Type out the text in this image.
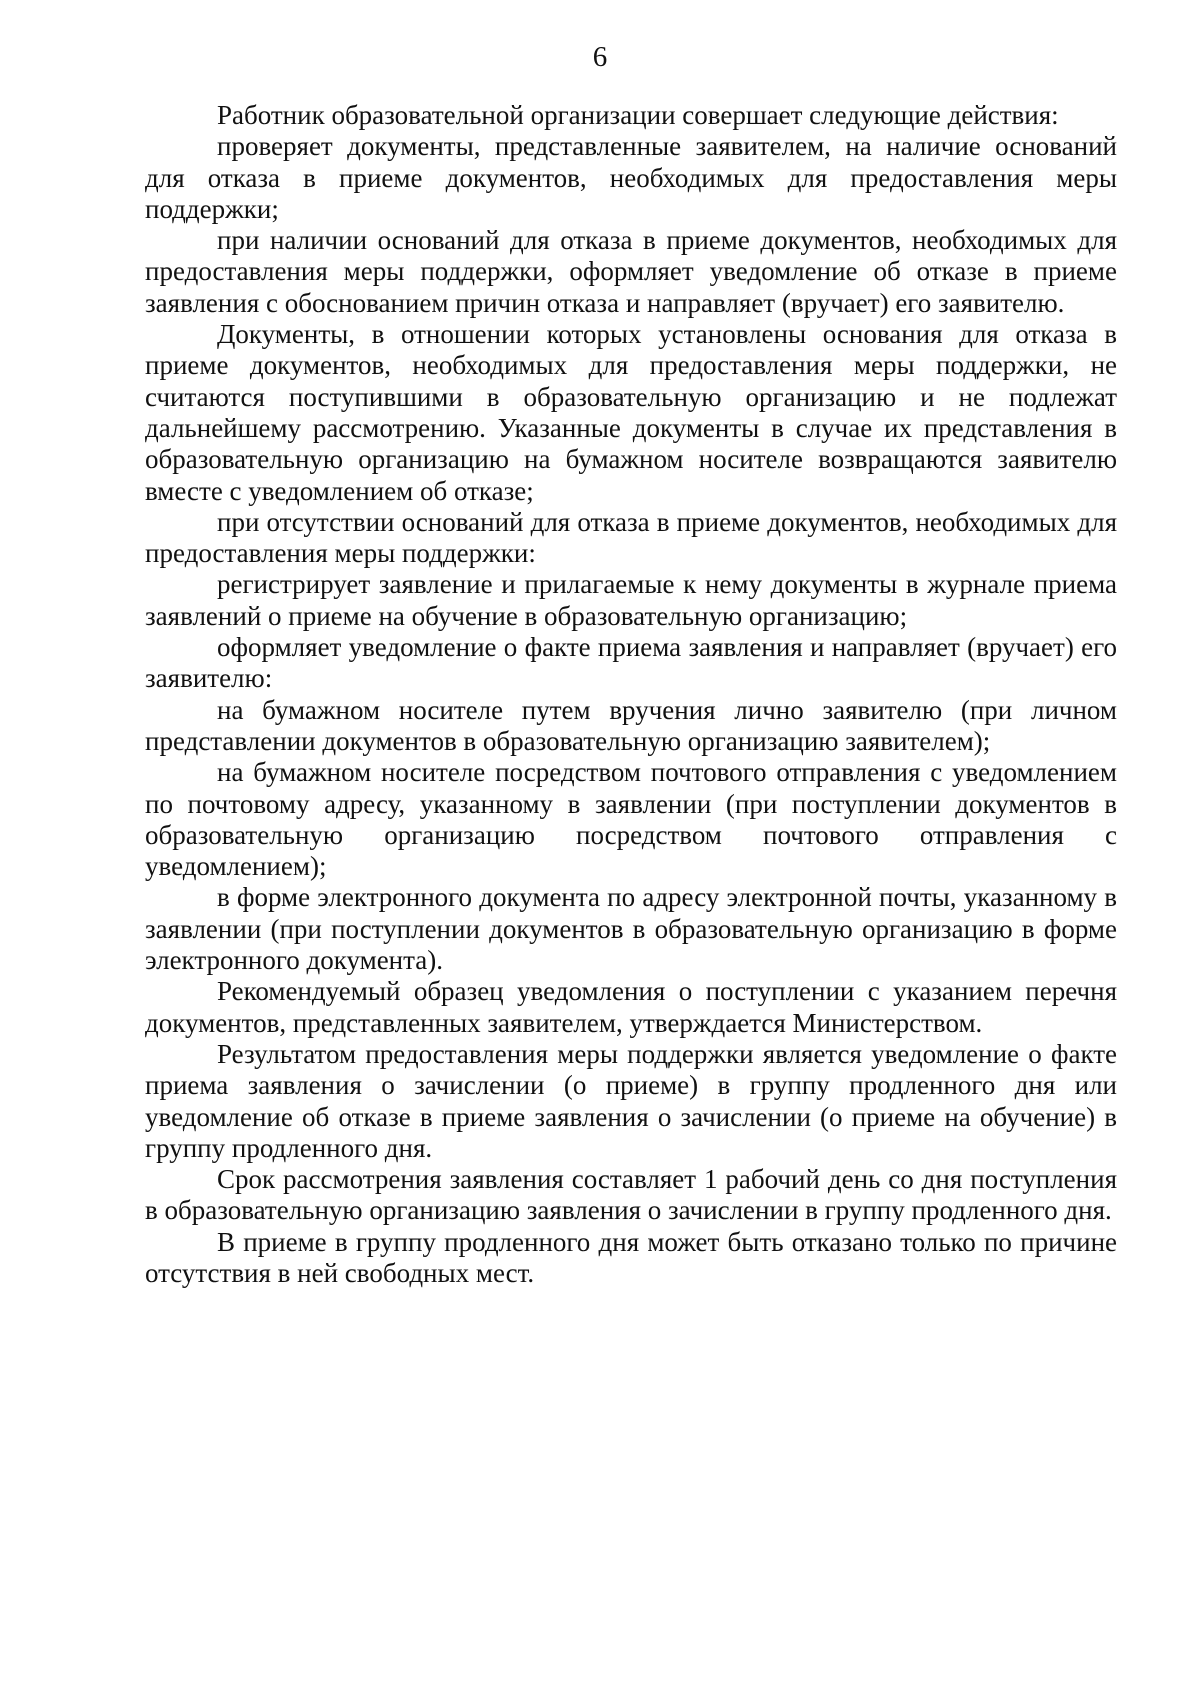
6

Работник образовательной организации совершает следующие действия:

проверяет документы, представленные заявителем, на наличие оснований для отказа в приеме документов, необходимых для предоставления меры поддержки;

при наличии оснований для отказа в приеме документов, необходимых для предоставления меры поддержки, оформляет уведомление об отказе в приеме заявления с обоснованием причин отказа и направляет (вручает) его заявителю.

Документы, в отношении которых установлены основания для отказа в приеме документов, необходимых для предоставления меры поддержки, не считаются поступившими в образовательную организацию и не подлежат дальнейшему рассмотрению. Указанные документы в случае их представления в образовательную организацию на бумажном носителе возвращаются заявителю вместе с уведомлением об отказе;

при отсутствии оснований для отказа в приеме документов, необходимых для предоставления меры поддержки:

регистрирует заявление и прилагаемые к нему документы в журнале приема заявлений о приеме на обучение в образовательную организацию;

оформляет уведомление о факте приема заявления и направляет (вручает) его заявителю:

на бумажном носителе путем вручения лично заявителю (при личном представлении документов в образовательную организацию заявителем);

на бумажном носителе посредством почтового отправления с уведомлением по почтовому адресу, указанному в заявлении (при поступлении документов в образовательную организацию посредством почтового отправления с уведомлением);

в форме электронного документа по адресу электронной почты, указанному в заявлении (при поступлении документов в образовательную организацию в форме электронного документа).

Рекомендуемый образец уведомления о поступлении с указанием перечня документов, представленных заявителем, утверждается Министерством.

Результатом предоставления меры поддержки является уведомление о факте приема заявления о зачислении (о приеме) в группу продленного дня или уведомление об отказе в приеме заявления о зачислении (о приеме на обучение) в группу продленного дня.

Срок рассмотрения заявления составляет 1 рабочий день со дня поступления в образовательную организацию заявления о зачислении в группу продленного дня.

В приеме в группу продленного дня может быть отказано только по причине отсутствия в ней свободных мест.
